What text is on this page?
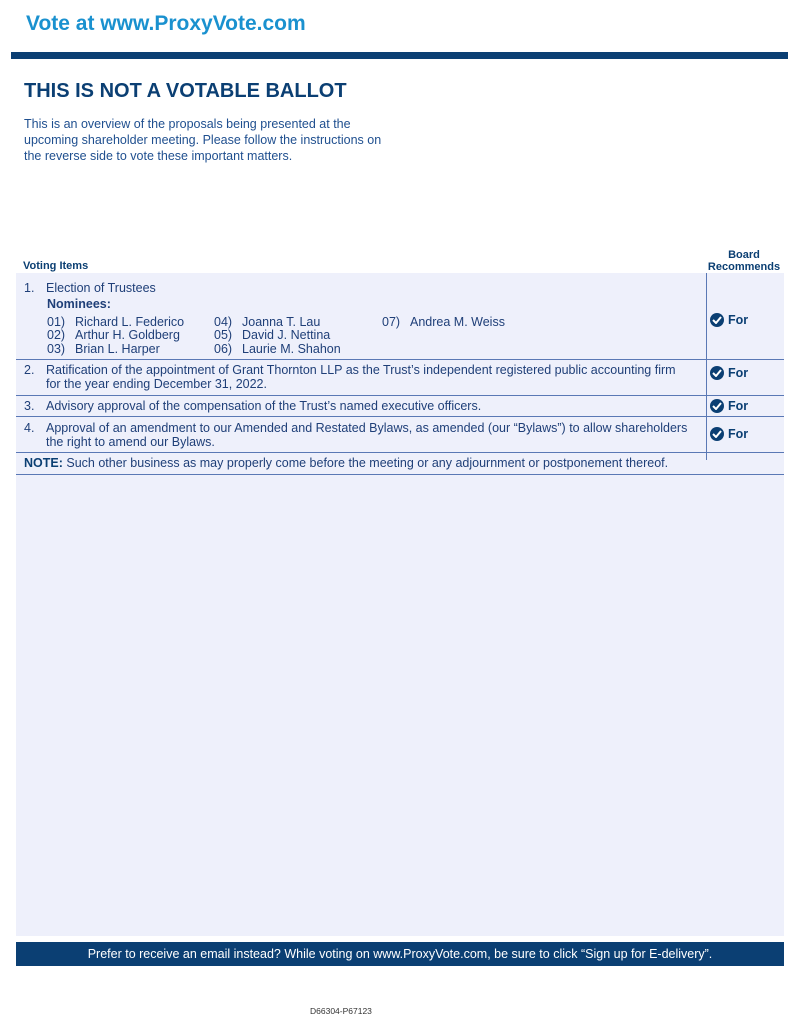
Vote at www.ProxyVote.com
THIS IS NOT A VOTABLE BALLOT
This is an overview of the proposals being presented at the
upcoming shareholder meeting. Please follow the instructions on
the reverse side to vote these important matters.
Voting Items
Board
Recommends
1. Election of Trustees
Nominees:
01) Richard L. Federico
02) Arthur H. Goldberg
03) Brian L. Harper
04) Joanna T. Lau
05) David J. Nettina
06) Laurie M. Shahon
07) Andrea M. Weiss	For
2. Ratification of the appointment of Grant Thornton LLP as the Trust’s independent registered public accounting firm
for the year ending December 31, 2022.
For
3. Advisory approval of the compensation of the Trust’s named executive officers.	For
4. Approval of an amendment to our Amended and Restated Bylaws, as amended (our “Bylaws”) to allow shareholders
the right to amend our Bylaws.
For
NOTE: Such other business as may properly come before the meeting or any adjournment or postponement thereof.
Prefer to receive an email instead? While voting on www.ProxyVote.com, be sure to click “Sign up for E-delivery”.
D66304-P67123
